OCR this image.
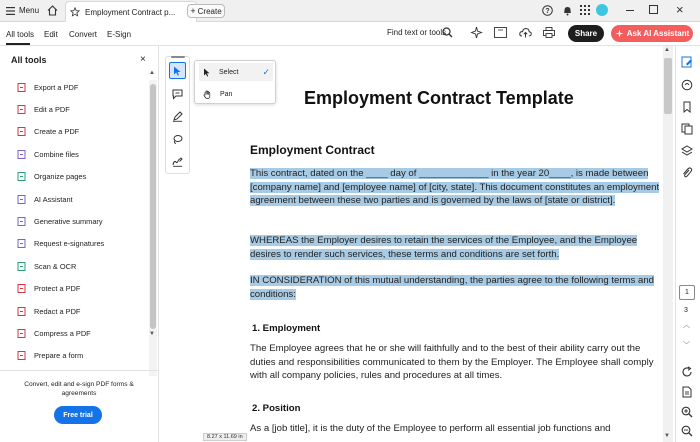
Menu	Employment Contract p...	+ Create	?	×
All tools Edit Convert E-Sign	Find text or tools	Share	Ask AI Assistant
All tools	×
Export a PDF
Edit a PDF
Create a PDF
Combine files
Organize pages
AI Assistant
Generative summary
Request e-signatures
Scan & OCR
Protect a PDF
Redact a PDF
Compress a PDF
Prepare a form
▲
▼
Convert, edit and e-sign PDF forms & agreements
Free trial
Select	✓
Pan	Employment Contract Template
Employment Contract
This contract, dated on the ____ day of _____________ in the year 20____, is made between [company name] and [employee name] of [city, state]. This document constitutes an employment agreement between these two parties and is governed by the laws of [state or district].
WHEREAS the Employer desires to retain the services of the Employee, and the Employee desires to render such services, these terms and conditions are set forth.
IN CONSIDERATION of this mutual understanding, the parties agree to the following terms and conditions:
1. Employment
The Employee agrees that he or she will faithfully and to the best of their ability carry out the duties and responsibilities communicated to them by the Employer. The Employee shall comply with all company policies, rules and procedures at all times.
2. Position
As a [job title], it is the duty of the Employee to perform all essential job functions and
8.27 x 11.69 in
▲
▼
1
3
︿
﹀
